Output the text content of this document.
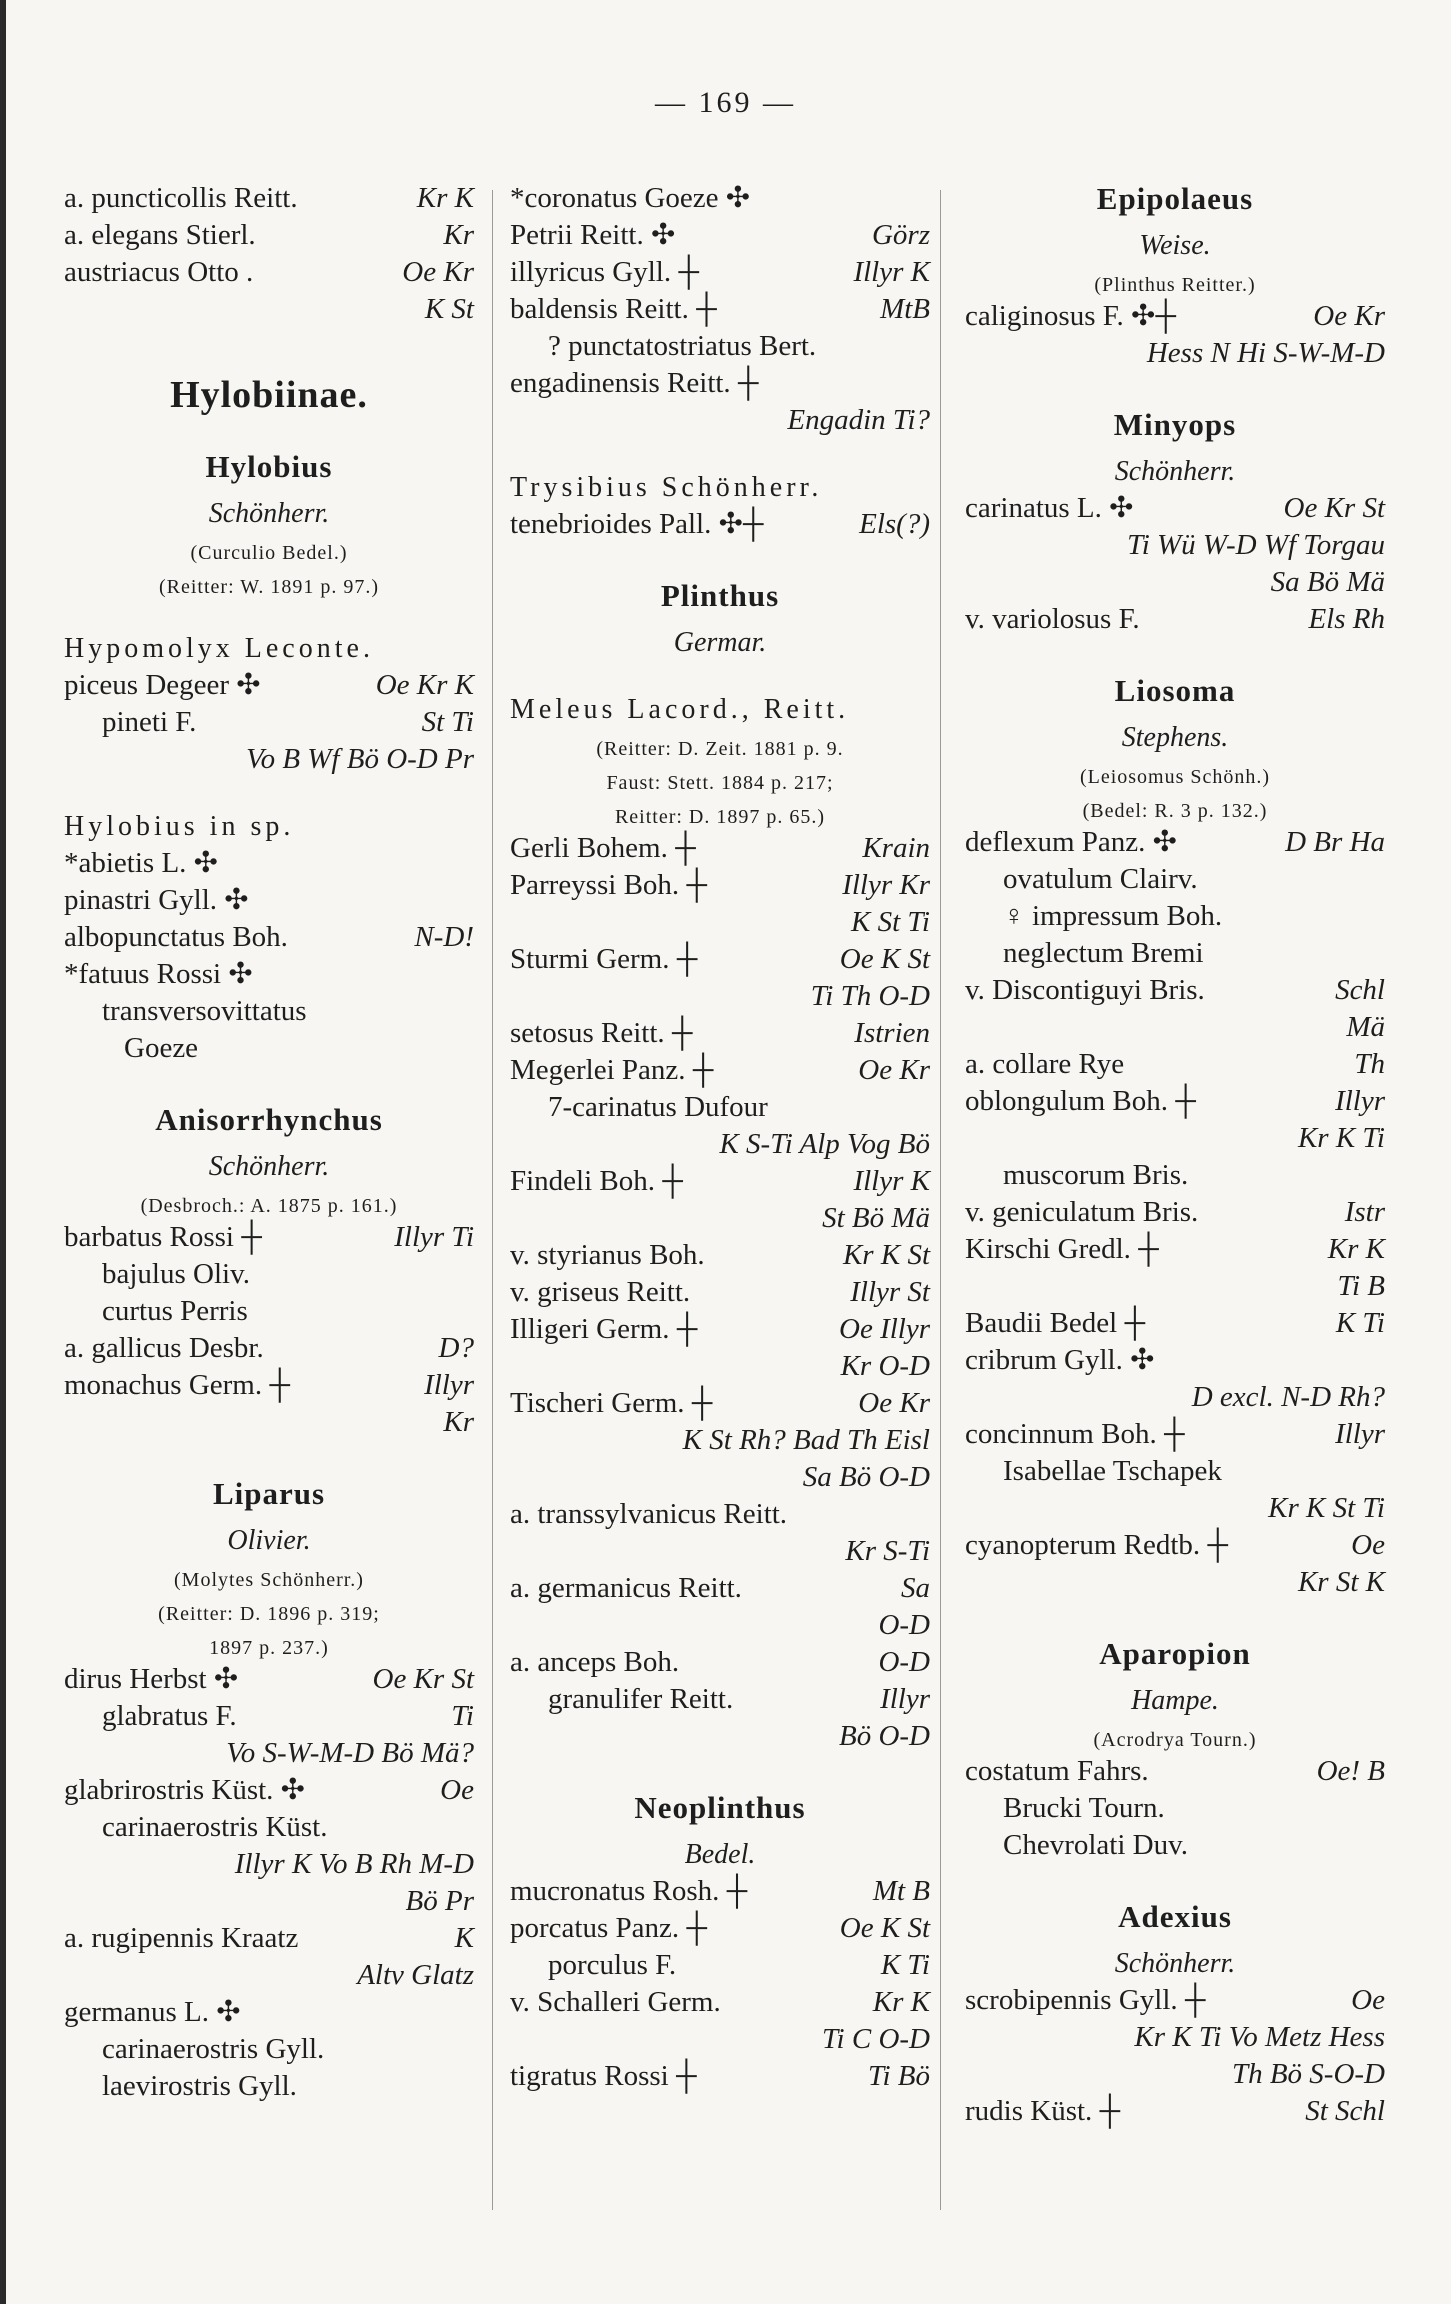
— 169 —
a. puncticollis Reitt.	Kr K
a. elegans Stierl.	Kr
austriacus Otto .	Oe Kr
K St
Hylobiinae.
Hylobius
Schönherr.
(Curculio Bedel.)
(Reitter: W. 1891 p. 97.)
Hypomolyx Leconte.
piceus Degeer ✣	Oe Kr K
pineti F.	St Ti
Vo B Wf Bö O-D Pr
Hylobius in sp.
*abietis L. ✣
pinastri Gyll. ✣
albopunctatus Boh.	N-D!
*fatuus Rossi ✣
transversovittatus
Goeze
Anisorrhynchus
Schönherr.
(Desbroch.: A. 1875 p. 161.)
barbatus Rossi ┼	Illyr Ti
bajulus Oliv.
curtus Perris
a. gallicus Desbr.	D?
monachus Germ. ┼	Illyr
Kr
Liparus
Olivier.
(Molytes Schönherr.)
(Reitter: D. 1896 p. 319;
1897 p. 237.)
dirus Herbst ✣	Oe Kr St
glabratus F.	Ti
Vo S-W-M-D Bö Mä?
glabrirostris Küst. ✣	Oe
carinaerostris Küst.
Illyr K Vo B Rh M-D
Bö Pr
a. rugipennis Kraatz	K
Altv Glatz
germanus L. ✣
carinaerostris Gyll.
laevirostris Gyll.
*coronatus Goeze ✣
Petrii Reitt. ✣	Görz
illyricus Gyll. ┼	Illyr K
baldensis Reitt. ┼	MtB
? punctatostriatus Bert.
engadinensis Reitt. ┼
Engadin Ti?
Trysibius Schönherr.
tenebrioides Pall. ✣┼	Els(?)
Plinthus
Germar.
Meleus Lacord., Reitt.
(Reitter: D. Zeit. 1881 p. 9.
Faust: Stett. 1884 p. 217;
Reitter: D. 1897 p. 65.)
Gerli Bohem. ┼	Krain
Parreyssi Boh. ┼	Illyr Kr
K St Ti
Sturmi Germ. ┼	Oe K St
Ti Th O-D
setosus Reitt. ┼	Istrien
Megerlei Panz. ┼	Oe Kr
7-carinatus Dufour
K S-Ti Alp Vog Bö
Findeli Boh. ┼	Illyr K
St Bö Mä
v. styrianus Boh.	Kr K St
v. griseus Reitt.	Illyr St
Illigeri Germ. ┼	Oe Illyr
Kr O-D
Tischeri Germ. ┼	Oe Kr
K St Rh? Bad Th Eisl
Sa Bö O-D
a. transsylvanicus Reitt.
Kr S-Ti
a. germanicus Reitt.	Sa
O-D
a. anceps Boh.	O-D
granulifer Reitt.	Illyr
Bö O-D
Neoplinthus
Bedel.
mucronatus Rosh. ┼	Mt B
porcatus Panz. ┼	Oe K St
porculus F.	K Ti
v. Schalleri Germ.	Kr K
Ti C O-D
tigratus Rossi ┼	Ti Bö
Epipolaeus
Weise.
(Plinthus Reitter.)
caliginosus F. ✣┼	Oe Kr
Hess N Hi S-W-M-D
Minyops
Schönherr.
carinatus L. ✣	Oe Kr St
Ti Wü W-D Wf Torgau
Sa Bö Mä
v. variolosus F.	Els Rh
Liosoma
Stephens.
(Leiosomus Schönh.)
(Bedel: R. 3 p. 132.)
deflexum Panz. ✣	D Br Ha
ovatulum Clairv.
♀ impressum Boh.
neglectum Bremi
v. Discontiguyi Bris.	Schl
Mä
a. collare Rye	Th
oblongulum Boh. ┼	Illyr
Kr K Ti
muscorum Bris.
v. geniculatum Bris.	Istr
Kirschi Gredl. ┼	Kr K
Ti B
Baudii Bedel ┼	K Ti
cribrum Gyll. ✣
D excl. N-D Rh?
concinnum Boh. ┼	Illyr
Isabellae Tschapek
Kr K St Ti
cyanopterum Redtb. ┼	Oe
Kr St K
Aparopion
Hampe.
(Acrodrya Tourn.)
costatum Fahrs.	Oe! B
Brucki Tourn.
Chevrolati Duv.
Adexius
Schönherr.
scrobipennis Gyll. ┼	Oe
Kr K Ti Vo Metz Hess
Th Bö S-O-D
rudis Küst. ┼	St Schl
